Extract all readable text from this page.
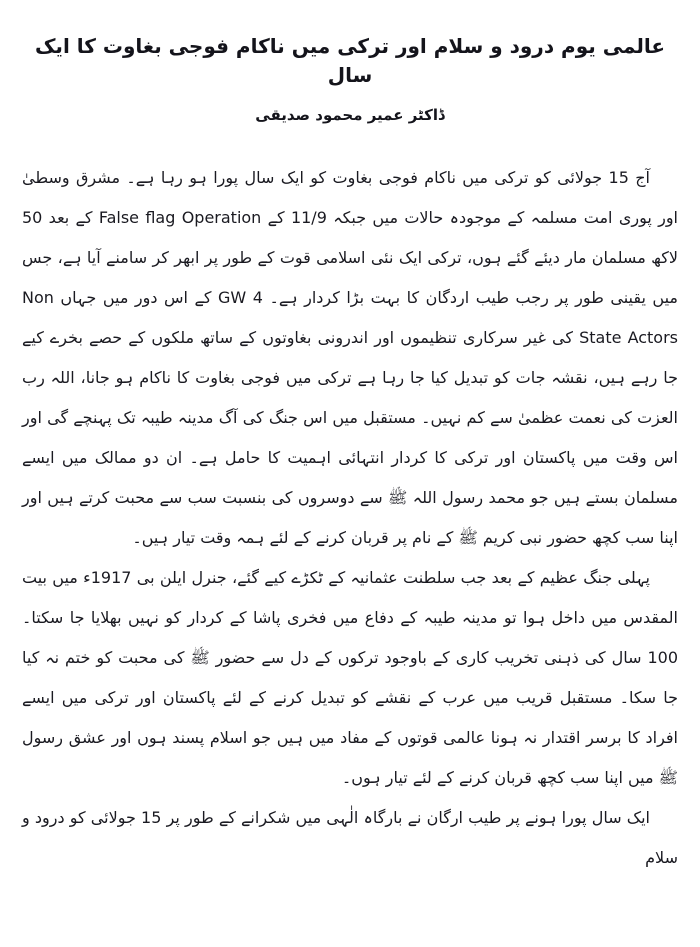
عالمی یوم درود و سلام اور ترکی میں ناکام فوجی بغاوت کا ایک سال
ڈاکٹر عمیر محمود صدیقی

آج 15 جولائی کو ترکی میں ناکام فوجی بغاوت کو ایک سال پورا ہو رہا ہے۔ مشرق وسطیٰ اور پوری امت مسلمہ کے موجودہ حالات میں جبکہ 11/9 کے False flag Operation کے بعد 50 لاکھ مسلمان مار دیئے گئے ہوں، ترکی ایک نئی اسلامی قوت کے طور پر ابھر کر سامنے آیا ہے، جس میں یقینی طور پر رجب طیب اردگان کا بہت بڑا کردار ہے۔ 4 GW کے اس دور میں جہاں Non State Actors کی غیر سرکاری تنظیموں اور اندرونی بغاوتوں کے ساتھ ملکوں کے حصے بخرے کیے جا رہے ہیں، نقشہ جات کو تبدیل کیا جا رہا ہے ترکی میں فوجی بغاوت کا ناکام ہو جانا، اللہ رب العزت کی نعمت عظمیٰ سے کم نہیں۔ مستقبل میں اس جنگ کی آگ مدینہ طیبہ تک پہنچے گی اور اس وقت میں پاکستان اور ترکی کا کردار انتہائی اہمیت کا حامل ہے۔ ان دو ممالک میں ایسے مسلمان بستے ہیں جو محمد رسول اللہ ﷺ سے دوسروں کی بنسبت سب سے محبت کرتے ہیں اور اپنا سب کچھ حضور نبی کریم ﷺ کے نام پر قربان کرنے کے لئے ہمہ وقت تیار ہیں۔

پہلی جنگ عظیم کے بعد جب سلطنت عثمانیہ کے ٹکڑے کیے گئے، جنرل ایلن بی 1917ء میں بیت المقدس میں داخل ہوا تو مدینہ طیبہ کے دفاع میں فخری پاشا کے کردار کو نہیں بھلایا جا سکتا۔ 100 سال کی ذہنی تخریب کاری کے باوجود ترکوں کے دل سے حضور ﷺ کی محبت کو ختم نہ کیا جا سکا۔ مستقبل قریب میں عرب کے نقشے کو تبدیل کرنے کے لئے پاکستان اور ترکی میں ایسے افراد کا برسر اقتدار نہ ہونا عالمی قوتوں کے مفاد میں ہیں جو اسلام پسند ہوں اور عشق رسول ﷺ میں اپنا سب کچھ قربان کرنے کے لئے تیار ہوں۔

ایک سال پورا ہونے پر طیب ارگان نے بارگاہ الٰہی میں شکرانے کے طور پر 15 جولائی کو درود و سلام
